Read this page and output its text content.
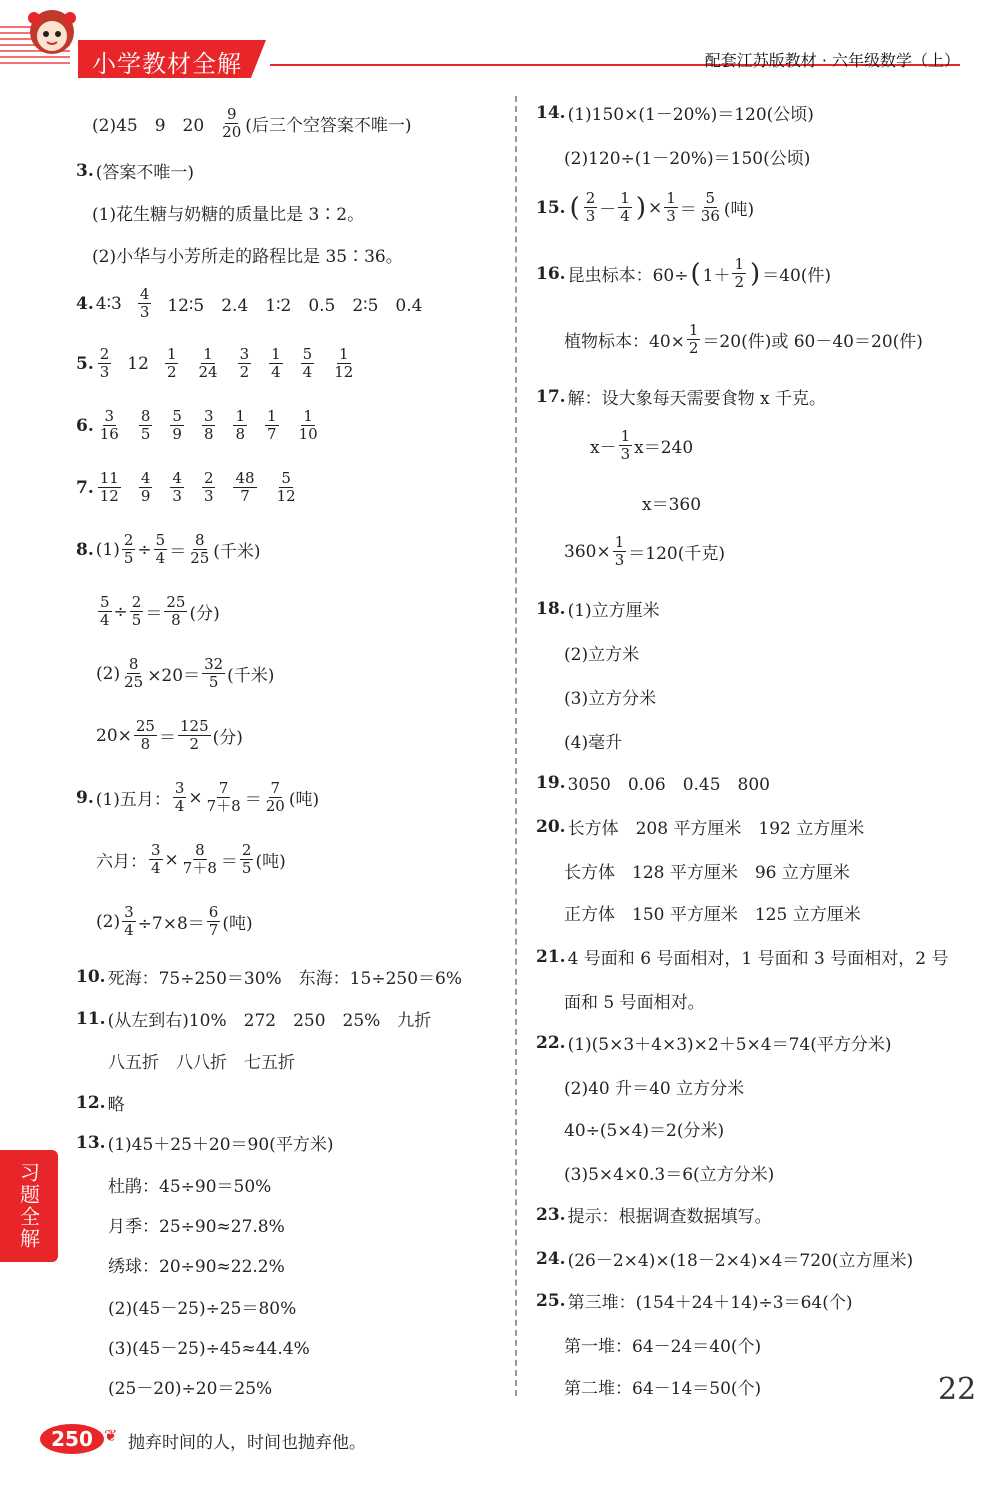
小学教材全解	配套江苏版教材 · 六年级数学（上）
习题全解
(2)45　9　$20 \frac{9}{20}$ (后三个空答案不唯一)
3. (答案不唯一)
(1)花生糖与奶糖的质量比是 3∶2。
(2)小华与小芳所走的路程比是 35∶36。
4. 4∶3 $\frac{4}{3}$ 12∶5　2.4　1∶2　0.5　2∶5　0.4
5. $\frac{2}{3} 12 \frac{1}{2} \frac{1}{24} \frac{3}{2} \frac{1}{4} \frac{5}{4} \frac{1}{12}$
6. $\frac{3}{16} \frac{8}{5} \frac{5}{9} \frac{3}{8} \frac{1}{8} \frac{1}{7} \frac{1}{10}$
7. $\frac{11}{12} \frac{4}{9} \frac{4}{3} \frac{2}{3} \frac{48}{7} \frac{5}{12}$
8. $(1) \frac{2}{5} \div \frac{5}{4} = \frac{8}{25}$ (千米)
$\frac{5}{4} \div \frac{2}{5} = \frac{25}{8}$ (分)
$(2) \frac{8}{25} \times 20= \frac{32}{5}$ (千米)
$20\times \frac{25}{8} = \frac{125}{2}$ (分)
9. (1)五月： $\frac{3}{4} \times \frac{7}{7+8} = \frac{7}{20}$ (吨)
六月： $\frac{3}{4} \times \frac{8}{7+8} = \frac{2}{5}$ (吨)
$(2) \frac{3}{4} \div 7\times 8= \frac{6}{7}$ (吨)
10. 死海：75÷250＝30%　东海：15÷250＝6%
11. (从左到右)10%　272　250　25%　九折
八五折　八八折　七五折
12. 略
13. (1)45＋25＋20＝90(平方米)
杜鹃：45÷90＝50%
月季：25÷90≈27.8%
绣球：20÷90≈22.2%
(2)(45－25)÷25＝80%
(3)(45－25)÷45≈44.4%
(25－20)÷20＝25%
14. (1)150×(1－20%)＝120(公顷)
(2)120÷(1－20%)＝150(公顷)
15. ( $\frac{2}{3} - \frac{1}{4}$ ) × $\frac{1}{3} = \frac{5}{36}$ (吨)
16. 昆虫标本：60÷ ( $1+ \frac{1}{2}$ ) ＝40(件)
植物标本：$40\times \frac{1}{2} =20$(件)或 60－40＝20(件)
17. 解：设大象每天需要食物 x 千克。
$x- \frac{1}{3} x=240$
x＝360
$360\times \frac{1}{3} =120$(千克)
18. (1)立方厘米
(2)立方米
(3)立方分米
(4)毫升
19. 3050　0.06　0.45　800
20. 长方体　208 平方厘米　192 立方厘米
长方体　128 平方厘米　96 立方厘米
正方体　150 平方厘米　125 立方厘米
21. 4 号面和 6 号面相对，1 号面和 3 号面相对，2 号
面和 5 号面相对。
22. (1)(5×3＋4×3)×2＋5×4＝74(平方分米)
(2)40 升＝40 立方分米
40÷(5×4)＝2(分米)
(3)5×4×0.3＝6(立方分米)
23. 提示：根据调查数据填写。
24. (26－2×4)×(18－2×4)×4＝720(立方厘米)
25. 第三堆：(154＋24＋14)÷3＝64(个)
第一堆：64－24＝40(个)
第二堆：64－14＝50(个)
250 ❦ 抛弃时间的人，时间也抛弃他。
22
